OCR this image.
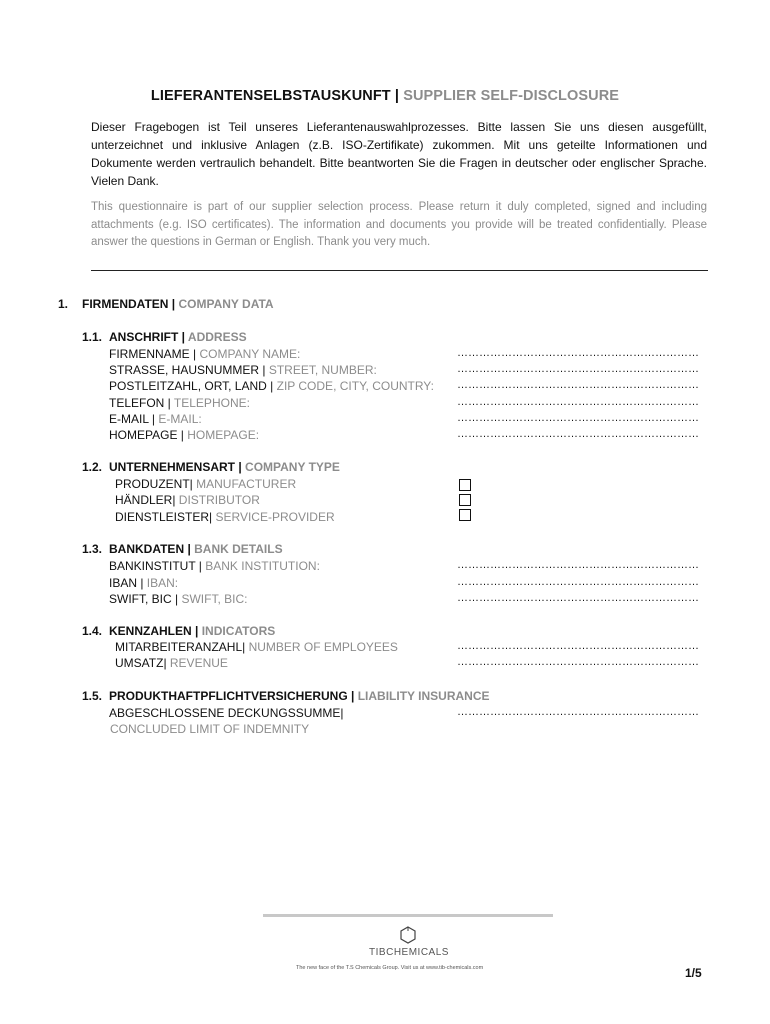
LIEFERANTENSELBSTAUSKUNFT | SUPPLIER SELF-DISCLOSURE
Dieser Fragebogen ist Teil unseres Lieferantenauswahlprozesses. Bitte lassen Sie uns diesen ausgefüllt, unterzeichnet und inklusive Anlagen (z.B. ISO-Zertifikate) zukommen. Mit uns geteilte Informationen und Dokumente werden vertraulich behandelt. Bitte beantworten Sie die Fragen in deutscher oder englischer Sprache. Vielen Dank.
This questionnaire is part of our supplier selection process. Please return it duly completed, signed and including attachments (e.g. ISO certificates). The information and documents you provide will be treated confidentially. Please answer the questions in German or English. Thank you very much.
1. FIRMENDATEN | COMPANY DATA
1.1. ANSCHRIFT | ADDRESS
FIRMENNAME | COMPANY NAME:	…………………………………………………………
STRASSE, HAUSNUMMER | STREET, NUMBER:	…………………………………………………………
POSTLEITZAHL, ORT, LAND | ZIP CODE, CITY, COUNTRY: …………………………………………………………
TELEFON | TELEPHONE:	…………………………………………………………
E-MAIL | E-MAIL:	…………………………………………………………
HOMEPAGE | HOMEPAGE:	…………………………………………………………
1.2. UNTERNEHMENSART | COMPANY TYPE
PRODUZENT| MANUFACTURER
HÄNDLER| DISTRIBUTOR
DIENSTLEISTER| SERVICE-PROVIDER
1.3. BANKDATEN | BANK DETAILS
BANKINSTITUT | BANK INSTITUTION:	…………………………………………………………
IBAN | IBAN:	…………………………………………………………
SWIFT, BIC | SWIFT, BIC:	…………………………………………………………
1.4. KENNZAHLEN | INDICATORS
MITARBEITERANZAHL| NUMBER OF EMPLOYEES	…………………………………………………………
UMSATZ| REVENUE	…………………………………………………………
1.5. PRODUKTHAFTPFLICHTVERSICHERUNG | LIABILITY INSURANCE
ABGESCHLOSSENE DECKUNGSSUMME|	…………………………………………………………
CONCLUDED LIMIT OF INDEMNITY
TIBCHEMICALS
The new face of the T.S Chemicals Group. Visit us at www.tib-chemicals.com	1/5
